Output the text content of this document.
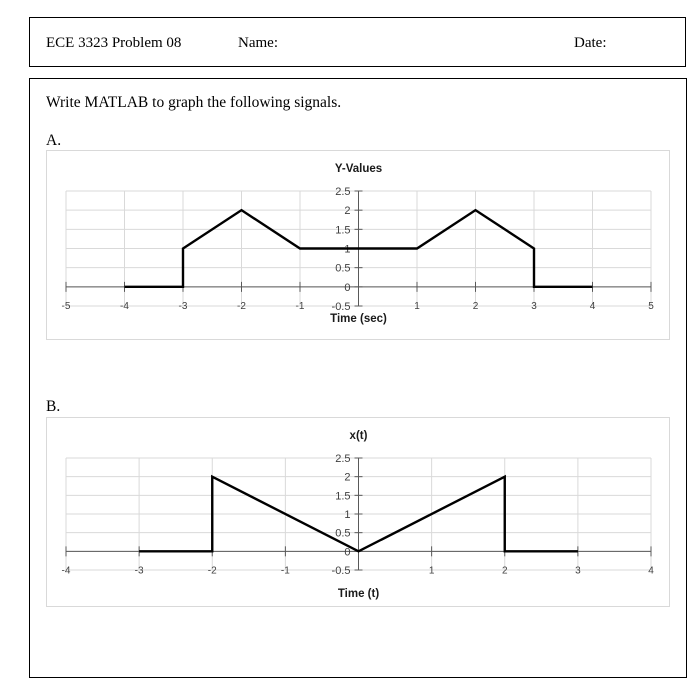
ECE 3323 Problem 08	Name:	Date:
Write MATLAB to graph the following signals.
A.
-5	-4	-3	-2	-1	1	2	3	4	5
2.5
2
1.5
1
0.5
0
-0.5
Y-Values
Time (sec)
B.
-4	-3	-2	-1	1	2	3	4
2.5
2
1.5
1
0.5
0
-0.5
x(t)
Time (t)
